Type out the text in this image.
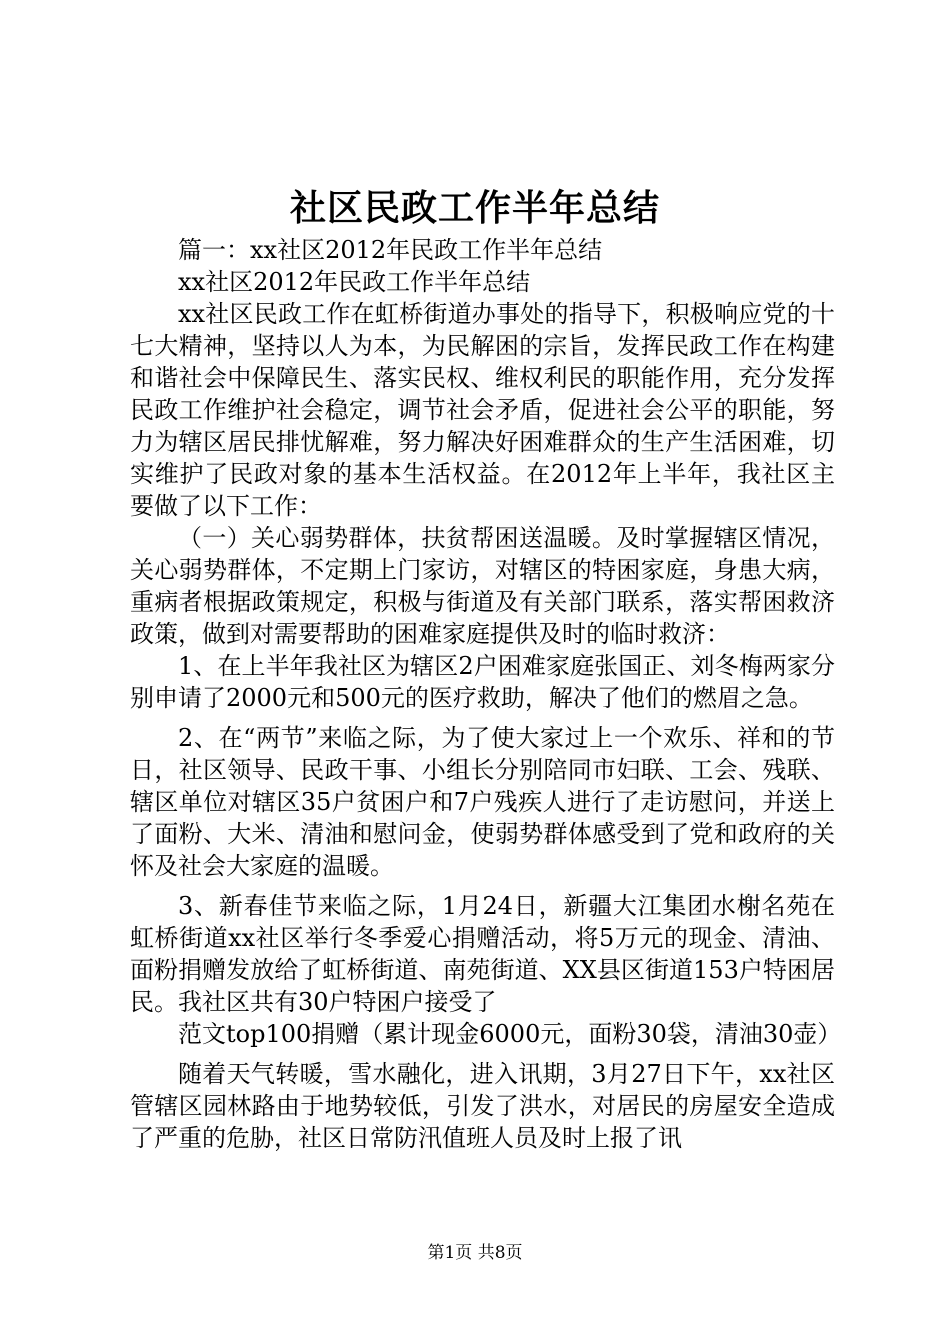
社区民政工作半年总结

篇一：xx社区2012年民政工作半年总结

xx社区2012年民政工作半年总结

xx社区民政工作在虹桥街道办事处的指导下，积极响应党的十七大精神，坚持以人为本，为民解困的宗旨，发挥民政工作在构建和谐社会中保障民生、落实民权、维权利民的职能作用，充分发挥民政工作维护社会稳定，调节社会矛盾，促进社会公平的职能，努力为辖区居民排忧解难，努力解决好困难群众的生产生活困难，切实维护了民政对象的基本生活权益。在2012年上半年，我社区主要做了以下工作：

（一）关心弱势群体，扶贫帮困送温暖。及时掌握辖区情况，关心弱势群体，不定期上门家访，对辖区的特困家庭，身患大病，重病者根据政策规定，积极与街道及有关部门联系，落实帮困救济政策，做到对需要帮助的困难家庭提供及时的临时救济：

1、在上半年我社区为辖区2户困难家庭张国正、刘冬梅两家分别申请了2000元和500元的医疗救助，解决了他们的燃眉之急。

2、在“两节”来临之际，为了使大家过上一个欢乐、祥和的节日，社区领导、民政干事、小组长分别陪同市妇联、工会、残联、辖区单位对辖区35户贫困户和7户残疾人进行了走访慰问，并送上了面粉、大米、清油和慰问金，使弱势群体感受到了党和政府的关怀及社会大家庭的温暖。

3、新春佳节来临之际，1月24日，新疆大江集团水榭名苑在虹桥街道xx社区举行冬季爱心捐赠活动，将5万元的现金、清油、面粉捐赠发放给了虹桥街道、南苑街道、XX县区街道153户特困居民。我社区共有30户特困户接受了

范文top100捐赠（累计现金6000元，面粉30袋，清油30壶）

随着天气转暖，雪水融化，进入讯期，3月27日下午，xx社区管辖区园林路由于地势较低，引发了洪水，对居民的房屋安全造成了严重的危胁，社区日常防汛值班人员及时上报了讯

第1页 共8页
